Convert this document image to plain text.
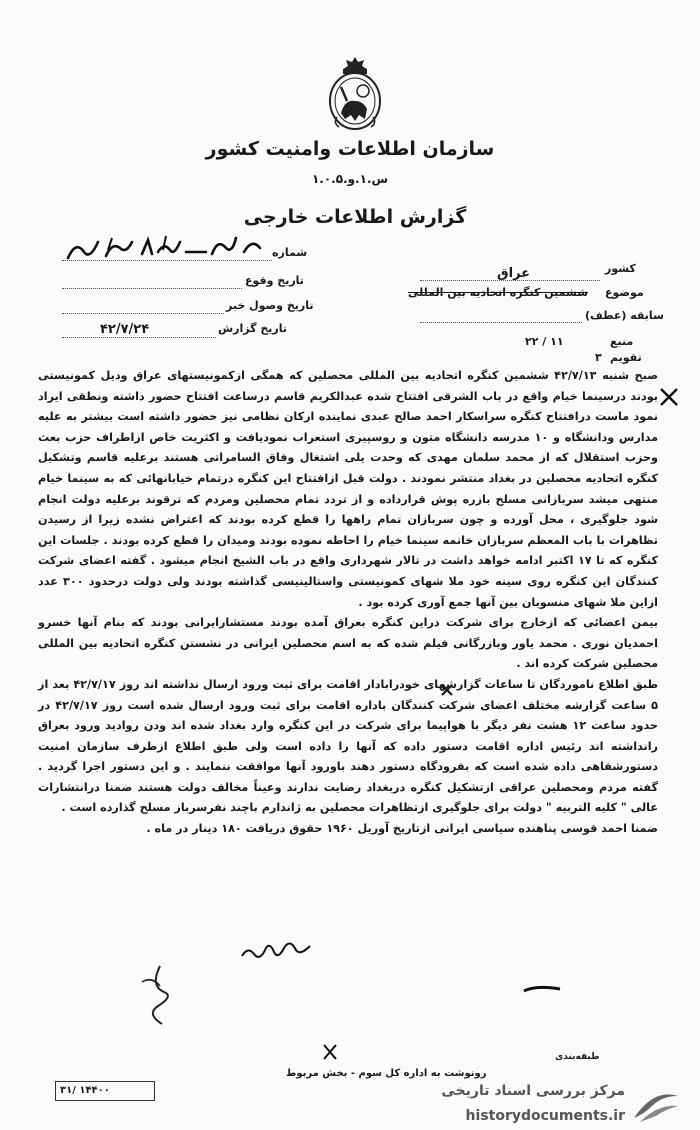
سازمان اطلاعات وامنیت کشور
س.۱.و.۱.۰.۵
گزارش اطلاعات خارجی
شماره
تاریخ وقوع
تاریخ وصول خبر
تاریخ گزارش
۴۲/۷/۲۴
کشور
عراق
موضوع
ششمین کنگره اتحادیه بین المللی
سابقه (عطف)
منبع
۲۲ / ۱۱
تقویم
۳

صبح شنبه ۴۲/۷/۱۳ ششمین کنگره اتحادیه بین المللی محصلین که همگی ازکمونیستهای عراق ودیل کمونیستی بودند درسینما خیام واقع در باب الشرقی افتتاح شده عبدالکریم قاسم درساعت افتتاح حضور داشته ونطقی ایراد نمود ماست درافتتاح کنگره سراسکار احمد صالح عبدی نماینده ارکان نظامی نیز حضور داشته است بیشتر به علیه مدارس ودانشگاه و ۱۰ مدرسه دانشگاه متون و روسپیری استعراب نمودیافت و اکثریت خاص ازاطراف حزب بعث وحزب استقلال که از محمد سلمان مهدی که وحدت یلی اشتغال وفاق السامراتی هستند برعلیه قاسم وتشکیل کنگره اتحادیه محصلین در بغداد منتشر نمودند . دولت قبل ازافتتاح این کنگره درتمام خیابانهائی که به سینما خیام منتهی میشد سربازانی مسلح بازره پوش قرارداده و از تردد تمام محصلین ومردم که ترقوند برعلیه دولت انجام شود جلوگیری ، محل آورده و چون سربازان تمام راهها را قطع کرده بودند که اعتراض نشده زیرا از رسیدن تظاهرات با باب المعظم سربازان خاتمه سینما خیام را احاطه نموده بودند ومیدان را قطع کرده بودند . جلسات این کنگره که تا ۱۷ اکتبر ادامه خواهد داشت در تالار شهرداری واقع در باب الشیخ انجام میشود . گفته اعضای شرکت کنندگان این کنگره روی سینه خود ملا شهای کمونیستی واستالینیسی گذاشته بودند ولی دولت درحدود ۳۰۰ عدد ازاین ملا شهای منسوبان بین آنها جمع آوری کرده بود .

بیمن اعضائی که ازخارج برای شرکت دراین کنگره بعراق آمده بودند مستشارایرانی بودند که بنام آنها خسرو احمدیان نوری . محمد یاور وبازرگانی فیلم شده که به اسم محصلین ایرانی در نشستن کنگره اتحادیه بین المللی محصلین شرکت کرده اند .

طبق اطلاع ناموردگان تا ساعات گزارشهای خودرابادار اقامت برای ثبت ورود ارسال نداشته اند روز ۴۲/۷/۱۷ بعد از ۵ ساعت گزارشه مختلف اعضای شرکت کنندگان باداره اقامت برای ثبت ورود ارسال شده است روز ۴۲/۷/۱۷ در حدود ساعت ۱۲ هشت نفر دیگر با هواپیما برای شرکت در این کنگره وارد بغداد شده اند ودن روادید ورود بعراق رانداشته اند رئیس اداره اقامت دستور داده که آنها را داده است ولی طبق اطلاع ازطرف سازمان امنیت دستورشفاهی داده شده است که بفرودگاه دستور دهند باورود آنها موافقت ننمایند . و این دستور اجرا گردید . گفته مردم ومحصلین عراقی ازتشکیل کنگره دربغداد رضایت ندارند وعیناً مخالف دولت هستند ضمنا درانتشارات عالی " کلیه التربیه " دولت برای جلوگیری ازتظاهرات محصلین به ژاندارم باچند نفرسرباز مسلح گذارده است .

ضمنا احمد قوسی پناهنده سیاسی ایرانی ازتاریخ آوریل ۱۹۶۰ حقوق دریافت ۱۸۰ دینار در ماه .

طبقه‌بندی
رونوشت به اداره کل سوم - بخش مربوط
۳۱/ ۱۴۴۰۰	مرکز بررسی اسناد تاریخی
historydocuments.ir
